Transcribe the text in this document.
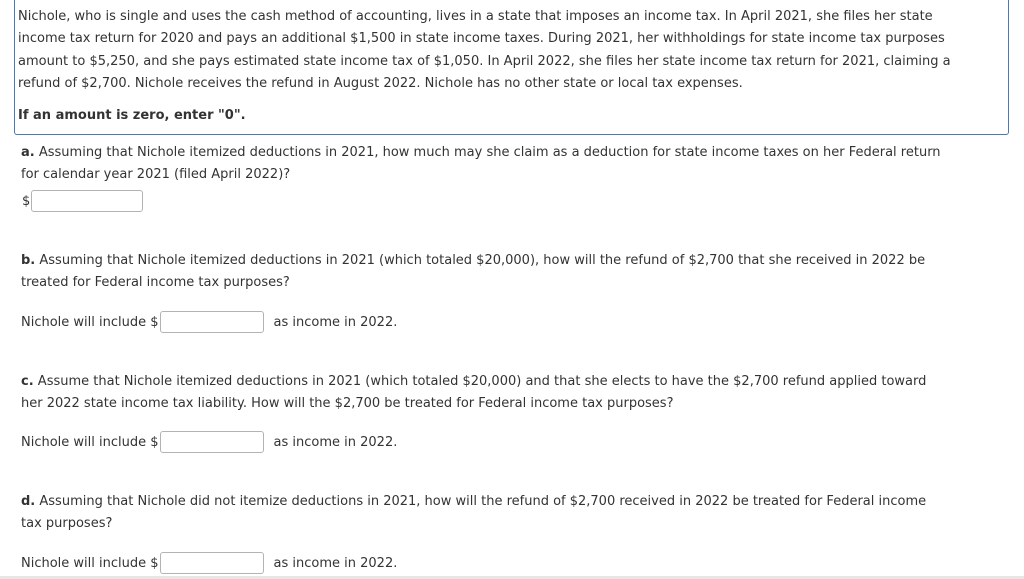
Nichole, who is single and uses the cash method of accounting, lives in a state that imposes an income tax. In April 2021, she files her state income tax return for 2020 and pays an additional $1,500 in state income taxes. During 2021, her withholdings for state income tax purposes amount to $5,250, and she pays estimated state income tax of $1,050. In April 2022, she files her state income tax return for 2021, claiming a refund of $2,700. Nichole receives the refund in August 2022. Nichole has no other state or local tax expenses.
If an amount is zero, enter "0".
a. Assuming that Nichole itemized deductions in 2021, how much may she claim as a deduction for state income taxes on her Federal return for calendar year 2021 (filed April 2022)?
$
b. Assuming that Nichole itemized deductions in 2021 (which totaled $20,000), how will the refund of $2,700 that she received in 2022 be treated for Federal income tax purposes?
Nichole will include $	as income in 2022.
c. Assume that Nichole itemized deductions in 2021 (which totaled $20,000) and that she elects to have the $2,700 refund applied toward her 2022 state income tax liability. How will the $2,700 be treated for Federal income tax purposes?
Nichole will include $	as income in 2022.
d. Assuming that Nichole did not itemize deductions in 2021, how will the refund of $2,700 received in 2022 be treated for Federal income tax purposes?
Nichole will include $	as income in 2022.
